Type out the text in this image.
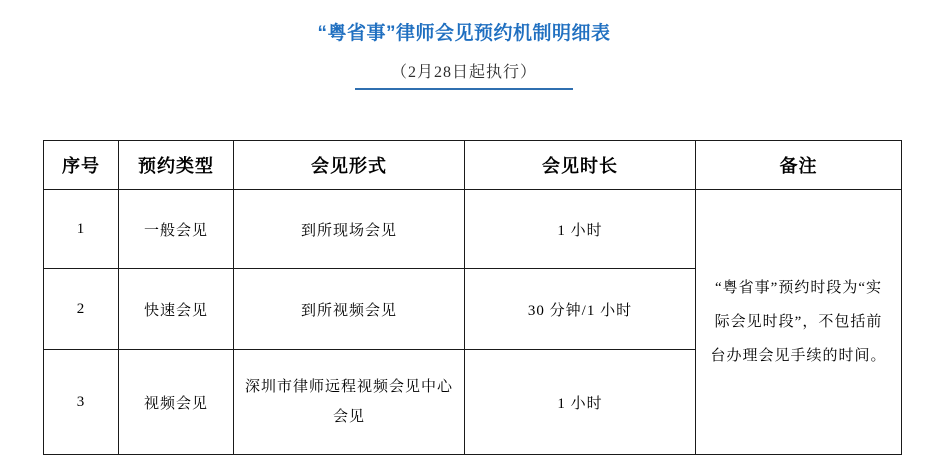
“粤省事”律师会见预约机制明细表
（2月28日起执行）
序号	预约类型	会见形式	会见时长	备注
1	一般会见	到所现场会见	1 小时	“粤省事”预约时段为“实际会见时段”，不包括前台办理会见手续的时间。
2	快速会见	到所视频会见	30 分钟/1 小时	
3	视频会见	深圳市律师远程视频会见中心会见	1 小时	
